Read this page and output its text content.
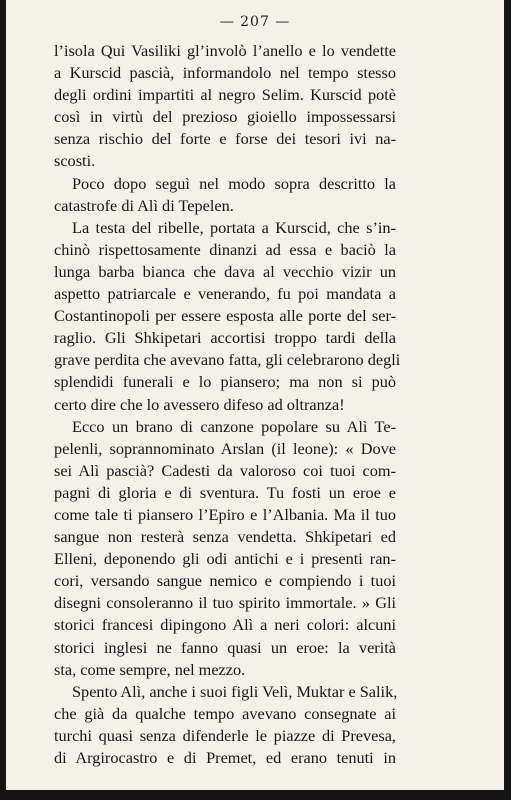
— 207 —
l’isola Qui Vasiliki gl’involò l’anello e lo vendette
a Kurscid pascià, informandolo nel tempo stesso
degli ordini impartiti al negro Selim. Kurscid potè
così in virtù del prezioso gioiello impossessarsi
senza rischio del forte e forse dei tesori ivi na-
scosti.
Poco dopo seguì nel modo sopra descritto la
catastrofe di Alì di Tepelen.
La testa del ribelle, portata a Kurscid, che s’in-
chinò rispettosamente dinanzi ad essa e baciò la
lunga barba bianca che dava al vecchio vizir un
aspetto patriarcale e venerando, fu poi mandata a
Costantinopoli per essere esposta alle porte del ser-
raglio. Gli Shkipetari accortisi troppo tardi della
grave perdita che avevano fatta, gli celebrarono degli
splendidi funerali e lo piansero; ma non si può
certo dire che lo avessero difeso ad oltranza!
Ecco un brano di canzone popolare su Alì Te-
pelenli, soprannominato Arslan (il leone): « Dove
sei Alì pascià? Cadesti da valoroso coi tuoi com-
pagni di gloria e di sventura. Tu fosti un eroe e
come tale ti piansero l’Epiro e l’Albania. Ma il tuo
sangue non resterà senza vendetta. Shkipetari ed
Elleni, deponendo gli odi antichi e i presenti ran-
cori, versando sangue nemico e compiendo i tuoi
disegni consoleranno il tuo spirito immortale. » Gli
storici francesi dipingono Alì a neri colori: alcuni
storici inglesi ne fanno quasi un eroe: la verità
sta, come sempre, nel mezzo.
Spento Alì, anche i suoi figli Velì, Muktar e Salik,
che già da qualche tempo avevano consegnate ai
turchi quasi senza difenderle le piazze di Prevesa,
di Argirocastro e di Premet, ed erano tenuti in
